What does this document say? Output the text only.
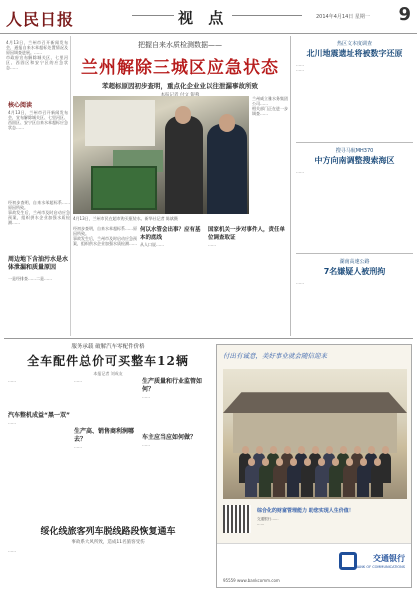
人民日报	视 点	2014年4月14日 星期一 9
4月13日，兰州市召开新闻发布会，通报自来水苯超标处置情况及原因调查进展。……
市政府宣布解除城关区、七里河区、西固区和安宁区的应急状态……
核心阅读
4月13日，兰州市召开新闻发布会，宣布解除城关区、七里河区、西固区、安宁区自来水苯超标应急状态……
经初步查明，自来水苯超标系……原因所致。
事故发生后，兰州市及时启动应急预案，组织供水企业加强水质检测……
周边地下含油污水是水体泄漏和质量原因
一是经排查……二是……
把握自来水质检测数据——
兰州解除三城区应急状态
苯超标原因初步查明，重点化企业业以往泄漏事故所致
4月13日，兰州市民在超市购买瓶装水。新华社记者 陈斌摄
兰州威立雅水务集团公司……
相关部门正在进一步调查……
经初步查明，自来水苯超标系……原因所致。
事故发生后，兰州市及时启动应急预案，组织供水企业加强水质检测……
何以水管会出事？应有基本的底线
从人口说……
国家机关一步对事件人，责任单位调查取证
……
热区文本度调查
北川地震遗址将被数字还原
……
……
搜寻马航MH370
中方向南调整搜索海区
……
湖南高速公路
7名嫌疑人被刑拘
……
服务承载 破解汽车零配件价格
全车配件总价可买整车12辆
本报记者 刘成友
……
汽车整机成益“黑一双”
……
……
生产高、销售商利润哪去？
……
生产质量和行业监管如何？
……
车主应当应如何做？
……
绥化线旅客列车脱线路段恢复通车
事故系大风所致，造成11名旅客受伤
……
付出有诚意，美好事业就会随信迎来
综合化的财富管理能力 助您实现人生价值！
交通银行……
……
交通银行
BANK OF COMMUNICATIONS
95559 www.bankcomm.com
